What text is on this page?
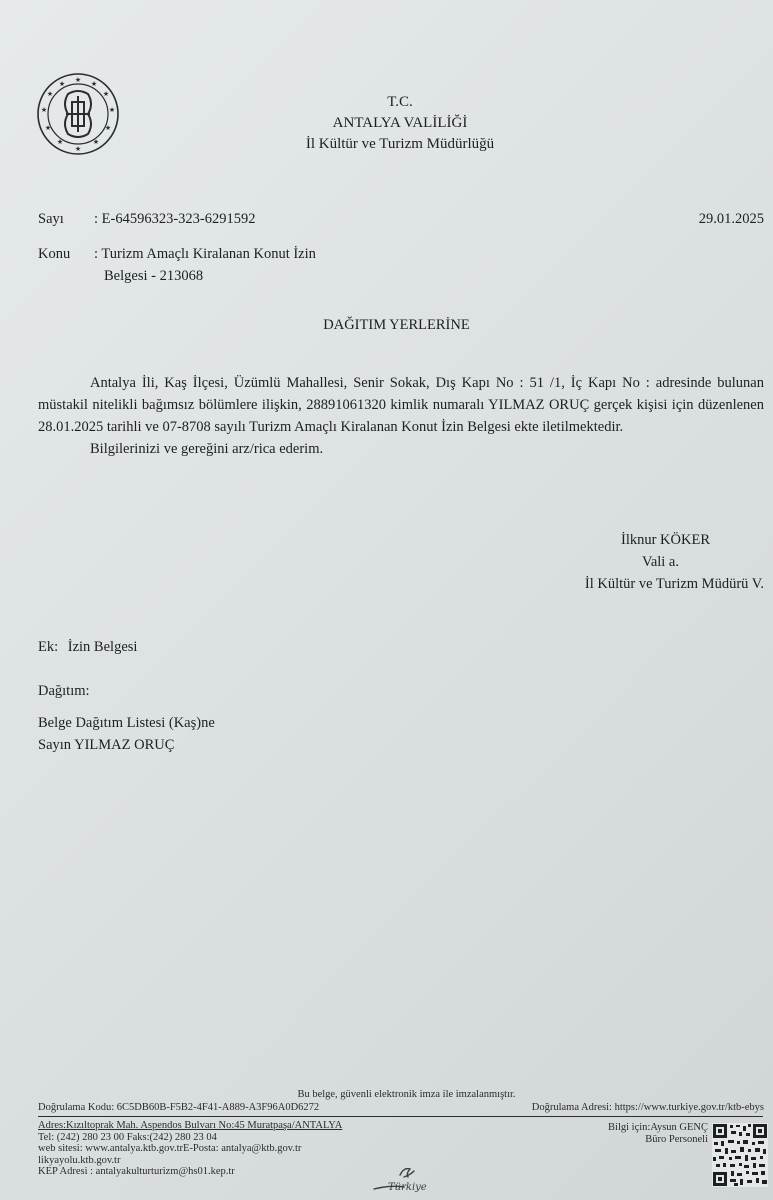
★ ★
★
★
★
★
★
★
★
★
★
★
T.C.
ANTALYA VALİLİĞİ
İl Kültür ve Turizm Müdürlüğü
Sayı : E-64596323-323-6291592	29.01.2025
Konu : Turizm Amaçlı Kiralanan Konut İzin
Belgesi - 213068
DAĞITIM YERLERİNE

Antalya İli, Kaş İlçesi, Üzümlü Mahallesi, Senir Sokak, Dış Kapı No : 51 /1, İç Kapı No : adresinde bulunan müstakil nitelikli bağımsız bölümlere ilişkin, 28891061320 kimlik numaralı YILMAZ ORUÇ gerçek kişisi için düzenlenen 28.01.2025 tarihli ve 07-8708 sayılı Turizm Amaçlı Kiralanan Konut İzin Belgesi ekte iletilmektedir.

Bilgilerinizi ve gereğini arz/rica ederim.

İlknur KÖKER
Vali a.
İl Kültür ve Turizm Müdürü V.
Ek: İzin Belgesi
Dağıtım:
Belge Dağıtım Listesi (Kaş)ne
Sayın YILMAZ ORUÇ
Bu belge, güvenli elektronik imza ile imzalanmıştır.
Doğrulama Kodu: 6C5DB60B-F5B2-4F41-A889-A3F96A0D6272	Doğrulama Adresi: https://www.turkiye.gov.tr/ktb-ebys
Adres:Kızıltoprak Mah. Aspendos Bulvarı No:45 Muratpaşa/ANTALYA
Tel: (242) 280 23 00 Faks:(242) 280 23 04
web sitesi: www.antalya.ktb.gov.trE-Posta: antalya@ktb.gov.tr
likyayolu.ktb.gov.tr
KEP Adresi : antalyakulturturizm@hs01.kep.tr
Bilgi için:Aysun GENÇ
Büro Personeli
Türkiye
